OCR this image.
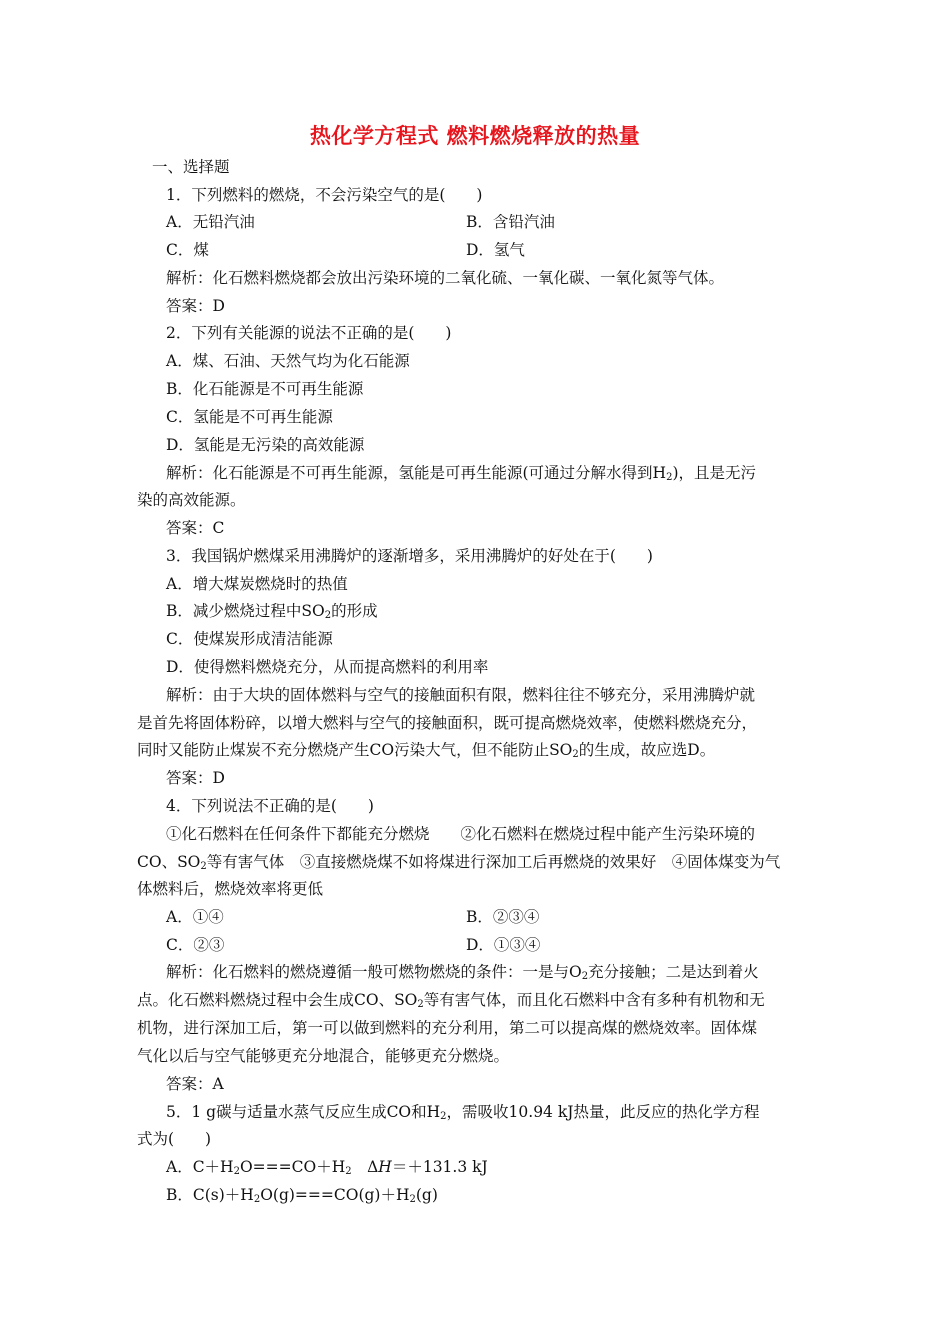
热化学方程式 燃料燃烧释放的热量
一、选择题
1．下列燃料的燃烧，不会污染空气的是(　　)
A．无铅汽油	B．含铅汽油
C．煤	D．氢气
解析：化石燃料燃烧都会放出污染环境的二氧化硫、一氧化碳、一氧化氮等气体。
答案：D
2．下列有关能源的说法不正确的是(　　)
A．煤、石油、天然气均为化石能源
B．化石能源是不可再生能源
C．氢能是不可再生能源
D．氢能是无污染的高效能源
解析：化石能源是不可再生能源，氢能是可再生能源(可通过分解水得到$H_2$)，且是无污
染的高效能源。
答案：C
3．我国锅炉燃煤采用沸腾炉的逐渐增多，采用沸腾炉的好处在于(　　)
A．增大煤炭燃烧时的热值
B．减少燃烧过程中$SO_2$的形成
C．使煤炭形成清洁能源
D．使得燃料燃烧充分，从而提高燃料的利用率
解析：由于大块的固体燃料与空气的接触面积有限，燃料往往不够充分，采用沸腾炉就
是首先将固体粉碎，以增大燃料与空气的接触面积，既可提高燃烧效率，使燃料燃烧充分，
同时又能防止煤炭不充分燃烧产生CO污染大气，但不能防止$SO_2$的生成，故应选D。
答案：D
4．下列说法不正确的是(　　)
①化石燃料在任何条件下都能充分燃烧　　②化石燃料在燃烧过程中能产生污染环境的
CO、$SO_2$等有害气体　③直接燃烧煤不如将煤进行深加工后再燃烧的效果好　④固体煤变为气
体燃料后，燃烧效率将更低
A．①④	B．②③④
C．②③	D．①③④
解析：化石燃料的燃烧遵循一般可燃物燃烧的条件：一是与$O_2$充分接触；二是达到着火
点。化石燃料燃烧过程中会生成CO、$SO_2$等有害气体，而且化石燃料中含有多种有机物和无
机物，进行深加工后，第一可以做到燃料的充分利用，第二可以提高煤的燃烧效率。固体煤
气化以后与空气能够更充分地混合，能够更充分燃烧。
答案：A
5．1 g碳与适量水蒸气反应生成CO和$H_2$，需吸收10.94 kJ热量，此反应的热化学方程
式为(　　)
A．$C+H_2O===CO+H_2$　ΔH＝＋131.3 kJ
B．$C(s)+H_2O(g)===CO(g)+H_2(g)$
